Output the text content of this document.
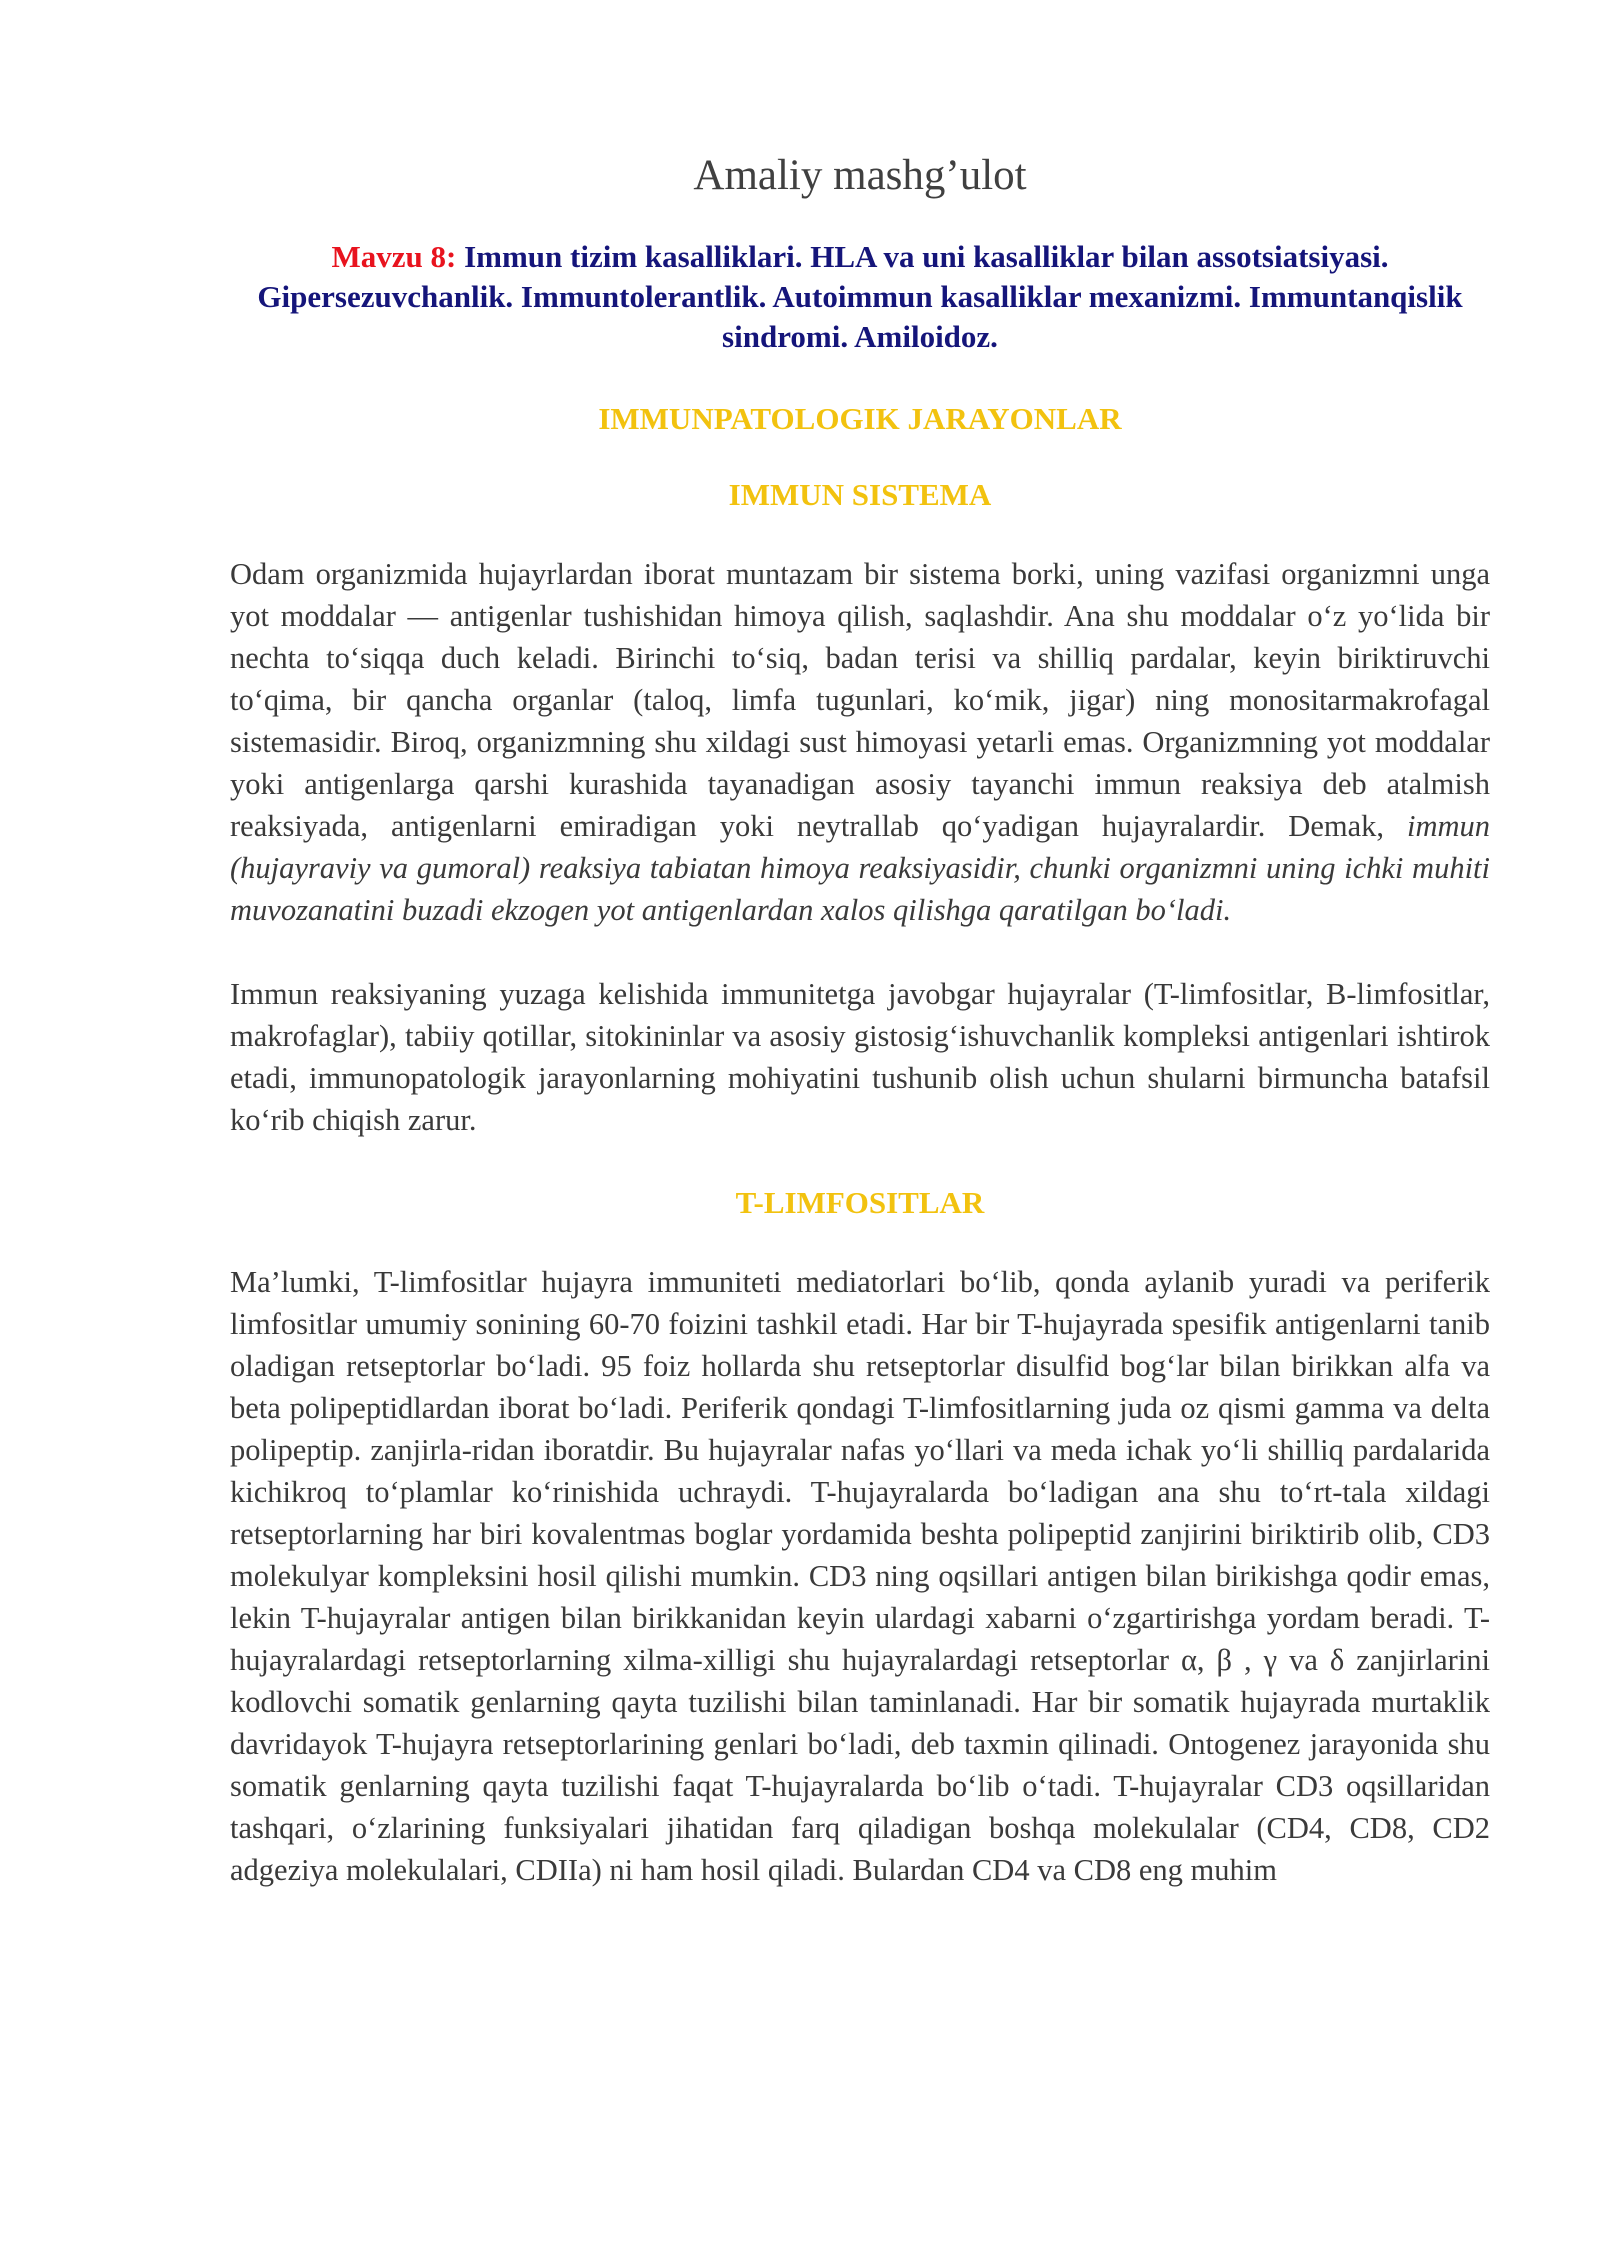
Amaliy mashg’ulot
Mavzu 8: Immun tizim kasalliklari. HLA va uni kasalliklar bilan assotsiatsiyasi. Gipersezuvchanlik. Immuntolerantlik. Autoimmun kasalliklar mexanizmi. Immuntanqislik sindromi. Amiloidoz.
IMMUNPATOLOGIK JARAYONLAR
IMMUN SISTEMA

Odam organizmida hujayrlardan iborat muntazam bir sistema borki, uning vazifasi organizmni unga yot moddalar — antigenlar tushishidan himoya qilish, saqlashdir. Ana shu moddalar oʻz yoʻlida bir nechta toʻsiqqa duch keladi. Birinchi toʻsiq, badan terisi va shilliq pardalar, keyin biriktiruvchi toʻqima, bir qancha organlar (taloq, limfa tugunlari, koʻmik, jigar) ning monositarmakrofagal sistemasidir. Biroq, organizmning shu xildagi sust himoyasi yetarli emas. Organizmning yot moddalar yoki antigenlarga qarshi kurashida tayanadigan asosiy tayanchi immun reaksiya deb atalmish reaksiyada, antigenlarni emiradigan yoki neytrallab qoʻyadigan hujayralardir. Demak, immun (hujayraviy va gumoral) reaksiya tabiatan himoya reaksiyasidir, chunki organizmni uning ichki muhiti muvozanatini buzadi ekzogen yot antigenlardan xalos qilishga qaratilgan boʻladi.

Immun reaksiyaning yuzaga kelishida immunitetga javobgar hujayralar (T-limfositlar, B-limfositlar, makrofaglar), tabiiy qotillar, sitokininlar va asosiy gistosigʻishuvchanlik kompleksi antigenlari ishtirok etadi, immunopatologik jarayonlarning mohiyatini tushunib olish uchun shularni birmuncha batafsil koʻrib chiqish zarur.

T-LIMFOSITLAR

Ma’lumki, T-limfositlar hujayra immuniteti mediatorlari boʻlib, qonda aylanib yuradi va periferik limfositlar umumiy sonining 60-70 foizini tashkil etadi. Har bir T-hujayrada spesifik antigenlarni tanib oladigan retseptorlar boʻladi. 95 foiz hollarda shu retseptorlar disulfid bogʻlar bilan birikkan alfa va beta polipeptidlardan iborat boʻladi. Periferik qondagi T-limfositlarning juda oz qismi gamma va delta polipeptip. zanjirla-ridan iboratdir. Bu hujayralar nafas yoʻllari va meda ichak yoʻli shilliq pardalarida kichikroq toʻplamlar koʻrinishida uchraydi. T-hujayralarda boʻladigan ana shu toʻrt-tala xildagi retseptorlarning har biri kovalentmas boglar yordamida beshta polipeptid zanjirini biriktirib olib, CD3 molekulyar kompleksini hosil qilishi mumkin. CD3 ning oqsillari antigen bilan birikishga qodir emas, lekin T-hujayralar antigen bilan birikkanidan keyin ulardagi xabarni oʻzgartirishga yordam beradi. T-hujayralardagi retseptorlarning xilma-xilligi shu hujayralardagi retseptorlar α, β , γ va δ zanjirlarini kodlovchi somatik genlarning qayta tuzilishi bilan taminlanadi. Har bir somatik hujayrada murtaklik davridayok T-hujayra retseptorlarining genlari boʻladi, deb taxmin qilinadi. Ontogenez jarayonida shu somatik genlarning qayta tuzilishi faqat T-hujayralarda boʻlib oʻtadi. T-hujayralar CD3 oqsillaridan tashqari, oʻzlarining funksiyalari jihatidan farq qiladigan boshqa molekulalar (CD4, CD8, CD2 adgeziya molekulalari, CDIIa) ni ham hosil qiladi. Bulardan CD4 va CD8 eng muhim
